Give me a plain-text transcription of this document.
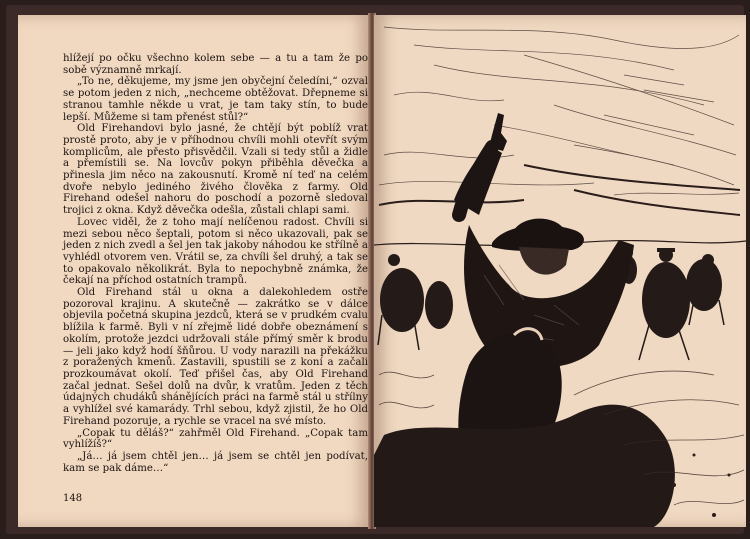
hlížejí po očku všechno kolem sebe — a tu a tam že po sobě významně mrkají.

„To ne, děkujeme, my jsme jen obyčejní čeledíni,“ ozval se potom jeden z nich, „nechceme obtěžovat. Dřepneme si stranou tamhle někde u vrat, je tam taky stín, to bude lepší. Můžeme si tam přenést stůl?“

Old Firehandovi bylo jasné, že chtějí být poblíž vrat prostě proto, aby je v příhodnou chvíli mohli otevřít svým komplicům, ale přesto přisvědčil. Vzali si tedy stůl a židle a přemístili se. Na lovcův pokyn přiběhla děvečka a přinesla jim něco na zakousnutí. Kromě ní teď na celém dvoře nebylo jediného živého člověka z farmy. Old Firehand odešel nahoru do poschodí a pozorně sledoval trojici z okna. Když děvečka odešla, zůstali chlapi sami.

Lovec viděl, že z toho mají nelíčenou radost. Chvíli si mezi sebou něco šeptali, potom si něco ukazovali, pak se jeden z nich zvedl a šel jen tak jakoby náhodou ke střílně a vyhlédl otvorem ven. Vrátil se, za chvíli šel druhý, a tak se to opakovalo několikrát. Byla to nepochybně známka, že čekají na příchod ostatních trampů.

Old Firehand stál u okna a dalekohledem ostře pozoroval krajinu. A skutečně — zakrátko se v dálce objevila početná skupina jezdců, která se v prudkém cvalu blížila k farmě. Byli v ní zřejmě lidé dobře obeznámení s okolím, protože jezdci udržovali stále přímý směr k brodu — jeli jako když hodí šňůrou. U vody narazili na překážku z poražených kmenů. Zastavili, spustili se z koní a začali prozkoumávat okolí. Teď přišel čas, aby Old Firehand začal jednat. Sešel dolů na dvůr, k vratům. Jeden z těch údajných chudáků shánějících práci na farmě stál u střílny a vyhlížel své kamarády. Trhl sebou, když zjistil, že ho Old Firehand pozoruje, a rychle se vracel na své místo.

„Copak tu děláš?“ zahřměl Old Firehand. „Copak tam vyhlížíš?“

„Já… já jsem chtěl jen… já jsem se chtěl jen podívat, kam se pak dáme…“

148
